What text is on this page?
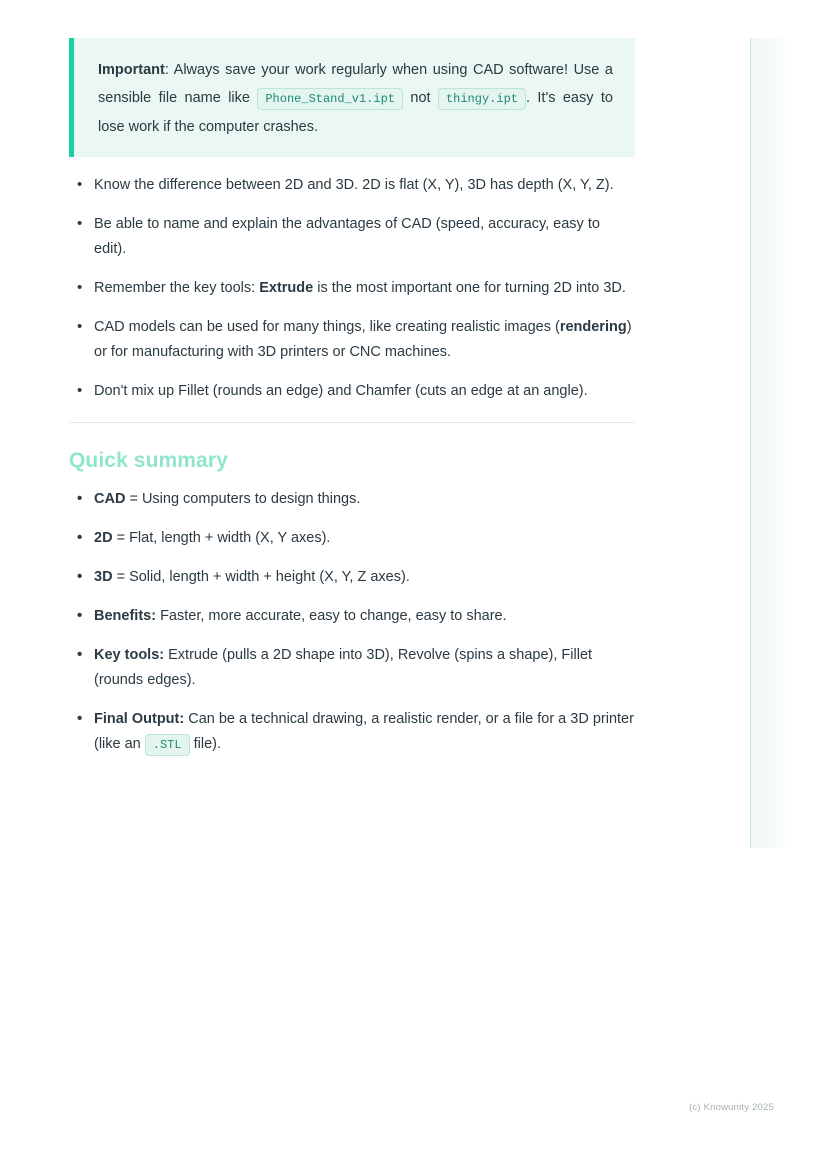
Important: Always save your work regularly when using CAD software! Use a sensible file name like Phone_Stand_v1.ipt not thingy.ipt . It's easy to lose work if the computer crashes.

• Know the difference between 2D and 3D. 2D is flat (X, Y), 3D has depth (X, Y, Z).
• Be able to name and explain the advantages of CAD (speed, accuracy, easy to edit).
• Remember the key tools: Extrude is the most important one for turning 2D into 3D.
• CAD models can be used for many things, like creating realistic images (rendering) or for manufacturing with 3D printers or CNC machines.
• Don't mix up Fillet (rounds an edge) and Chamfer (cuts an edge at an angle).
Quick summary
• CAD = Using computers to design things.
• 2D = Flat, length + width (X, Y axes).
• 3D = Solid, length + width + height (X, Y, Z axes).
• Benefits: Faster, more accurate, easy to change, easy to share.
• Key tools: Extrude (pulls a 2D shape into 3D), Revolve (spins a shape), Fillet (rounds edges).
• Final Output: Can be a technical drawing, a realistic render, or a file for a 3D printer (like an .STL file).
(c) Knowunity 2025
